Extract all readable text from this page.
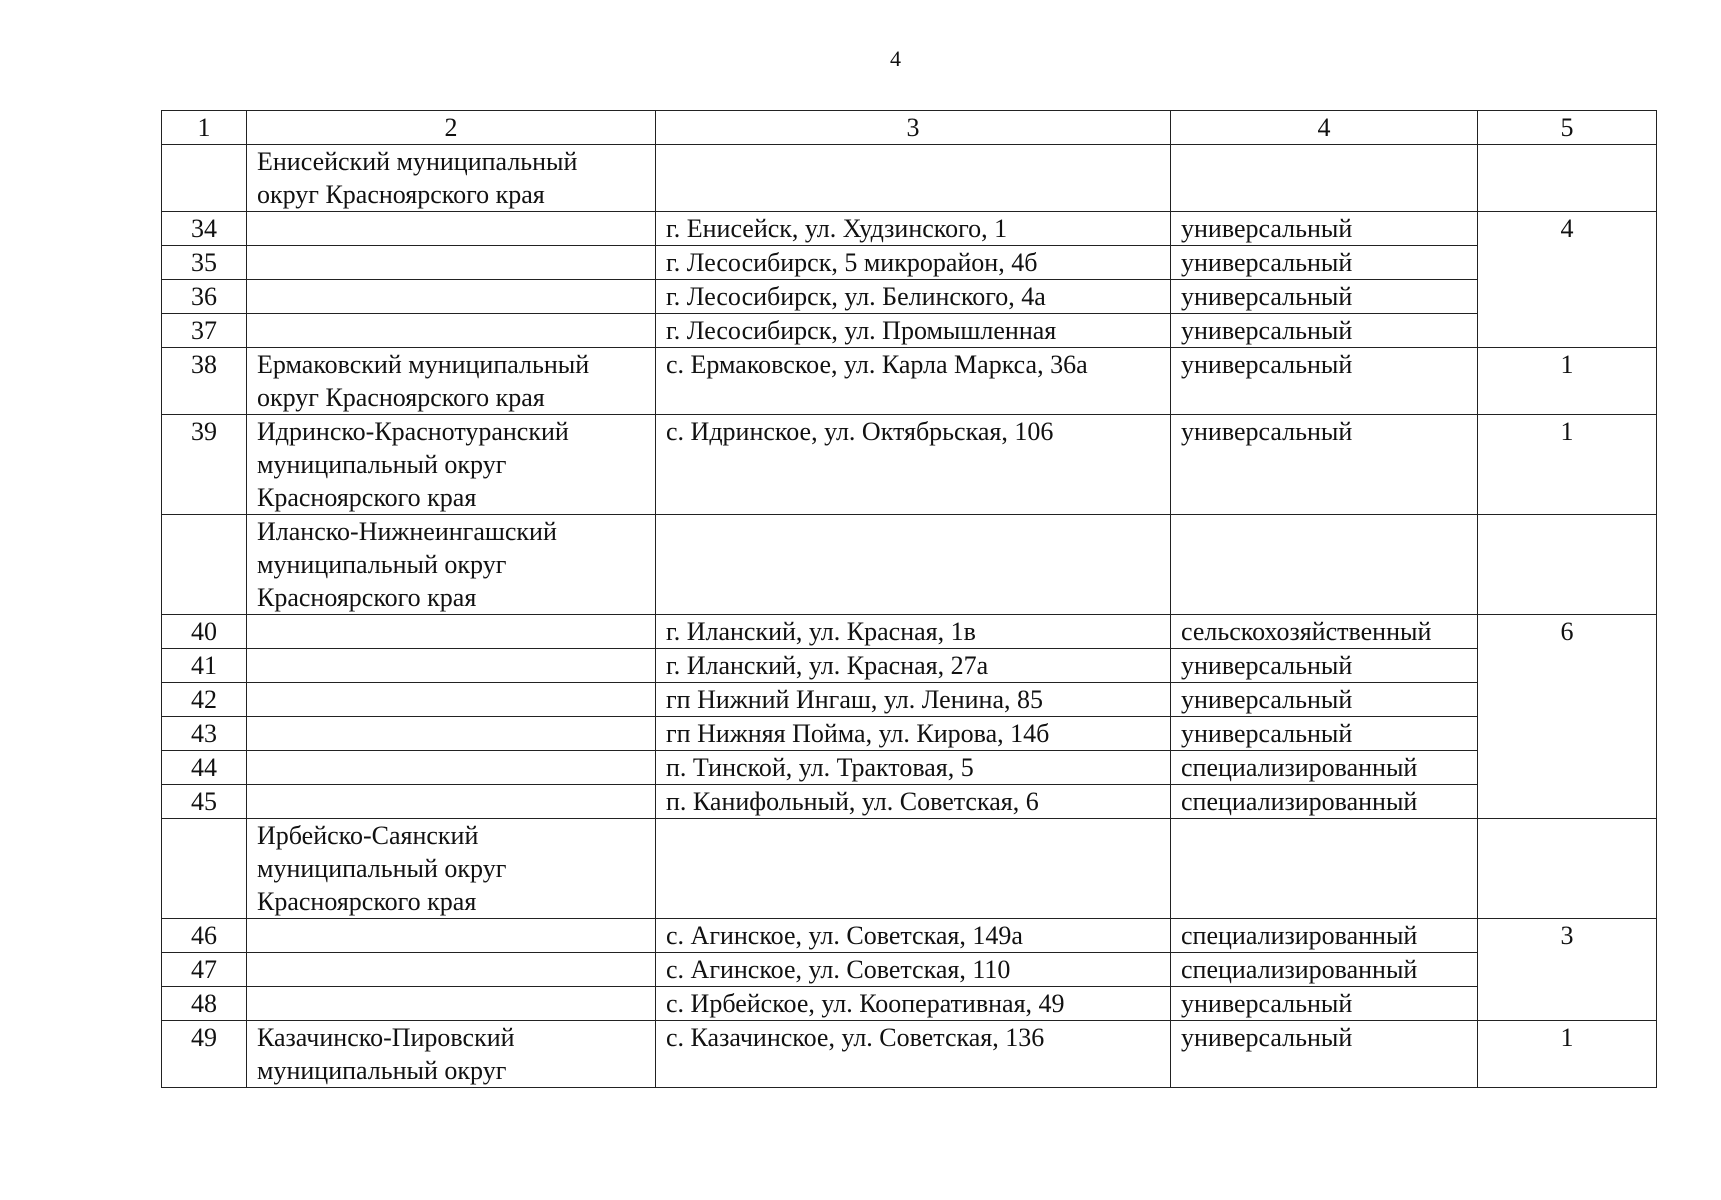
4
1	2	3	4	5
	Енисейский муниципальный округ Красноярского края			
34		г. Енисейск, ул. Худзинского, 1	универсальный	4
35		г. Лесосибирск, 5 микрорайон, 4б	универсальный	
36		г. Лесосибирск, ул. Белинского, 4а	универсальный	
37		г. Лесосибирск, ул. Промышленная	универсальный	
38	Ермаковский муниципальный округ Красноярского края	с. Ермаковское, ул. Карла Маркса, 36а	универсальный	1
39	Идринско-Краснотуранский муниципальный округ Красноярского края	с. Идринское, ул. Октябрьская, 106	универсальный	1
	Иланско-Нижнеингашский муниципальный округ Красноярского края			
40		г. Иланский, ул. Красная, 1в	сельскохозяйственный	6
41		г. Иланский, ул. Красная, 27а	универсальный	
42		гп Нижний Ингаш, ул. Ленина, 85	универсальный	
43		гп Нижняя Пойма, ул. Кирова, 14б	универсальный	
44		п. Тинской, ул. Трактовая, 5	специализированный	
45		п. Канифольный, ул. Советская, 6	специализированный	
	Ирбейско-Саянский муниципальный округ Красноярского края			
46		с. Агинское, ул. Советская, 149а	специализированный	3
47		с. Агинское, ул. Советская, 110	специализированный	
48		с. Ирбейское, ул. Кооперативная, 49	универсальный	
49	Казачинско-Пировский муниципальный округ	с. Казачинское, ул. Советская, 136	универсальный	1
